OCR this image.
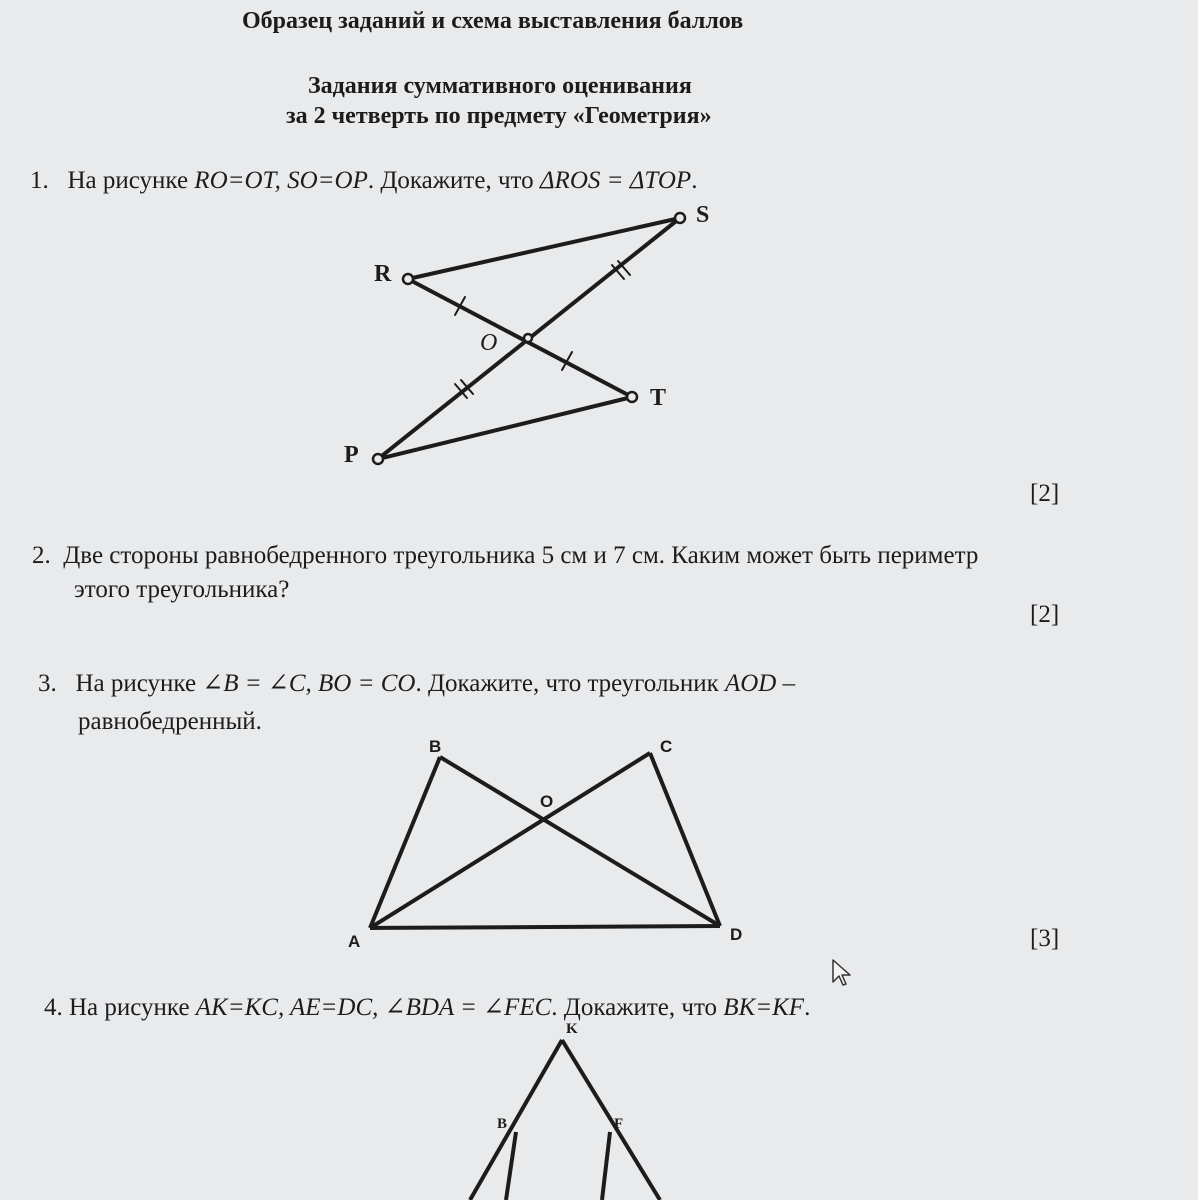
Образец заданий и схема выставления баллов
Задания суммативного оценивания
за 2 четверть по предмету «Геометрия»
1. На рисунке RO=OT, SO=OP. Докажите, что ΔROS = ΔTOP.
[2]
2. Две стороны равнобедренного треугольника 5 см и 7 см. Каким может быть периметр
этого треугольника?
[2]
3. На рисунке ∠B = ∠C, BO = CO. Докажите, что треугольник AOD –
равнобедренный.
[3]
4. На рисунке AK=KC, AE=DC, ∠BDA = ∠FEC. Докажите, что BK=KF.
S
R
O
T
P
B	C
O
A	D
K
B	F
